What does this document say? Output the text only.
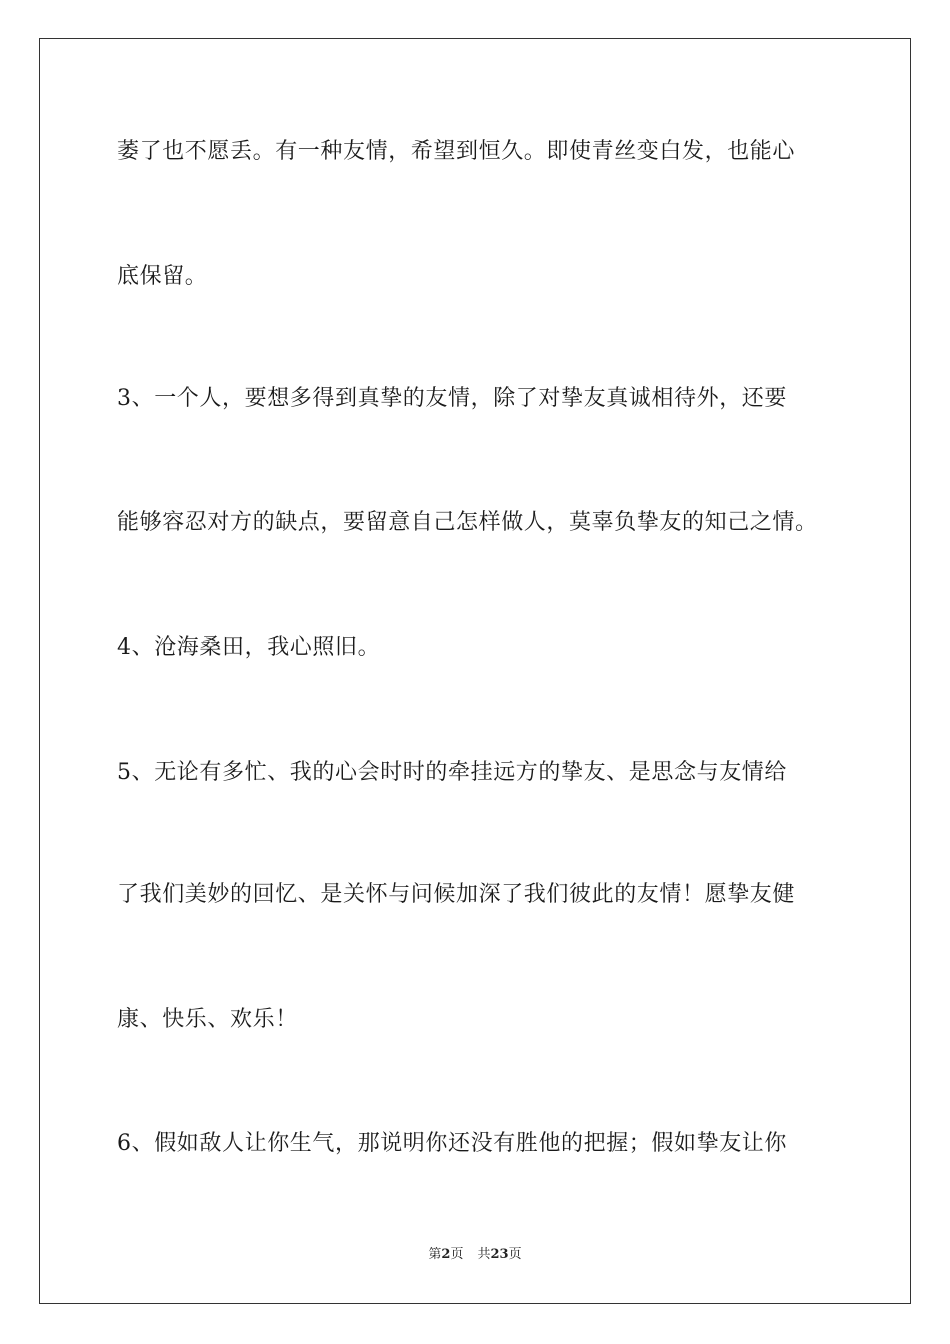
萎了也不愿丢。有一种友情，希望到恒久。即使青丝变白发，也能心

底保留。

3、一个人，要想多得到真挚的友情，除了对挚友真诚相待外，还要

能够容忍对方的缺点，要留意自己怎样做人，莫辜负挚友的知己之情。

4、沧海桑田，我心照旧。

5、无论有多忙、我的心会时时的牵挂远方的挚友、是思念与友情给

了我们美妙的回忆、是关怀与问候加深了我们彼此的友情！愿挚友健

康、快乐、欢乐！

6、假如敌人让你生气，那说明你还没有胜他的把握；假如挚友让你

第2页 共23页
